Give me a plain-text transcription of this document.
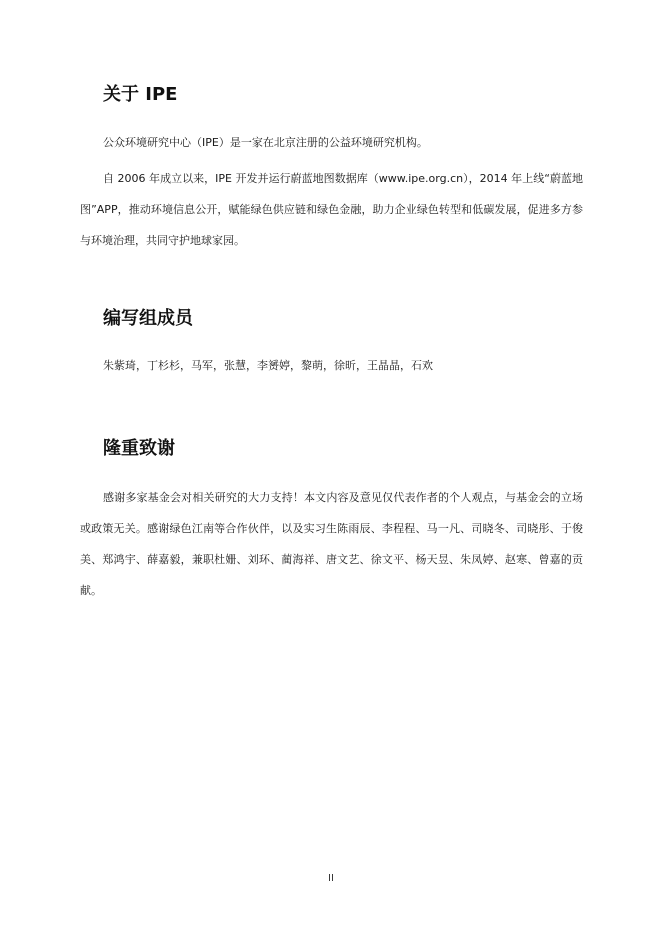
关于 IPE

公众环境研究中心（IPE）是一家在北京注册的公益环境研究机构。

自 2006 年成立以来，IPE 开发并运行蔚蓝地图数据库（www.ipe.org.cn），2014 年上线“蔚蓝地图”APP，推动环境信息公开，赋能绿色供应链和绿色金融，助力企业绿色转型和低碳发展，促进多方参与环境治理，共同守护地球家园。

编写组成员

朱紫琦，丁杉杉，马军，张慧，李赟婷，黎萌，徐昕，王晶晶，石欢

隆重致谢

感谢多家基金会对相关研究的大力支持！本文内容及意见仅代表作者的个人观点，与基金会的立场或政策无关。感谢绿色江南等合作伙伴，以及实习生陈雨辰、李程程、马一凡、司晓冬、司晓彤、于俊美、郑鸿宇、薛嘉毅，兼职杜姗、刘环、蔺海祥、唐文艺、徐文平、杨天昱、朱凤婷、赵寒、曾嘉的贡献。

II
